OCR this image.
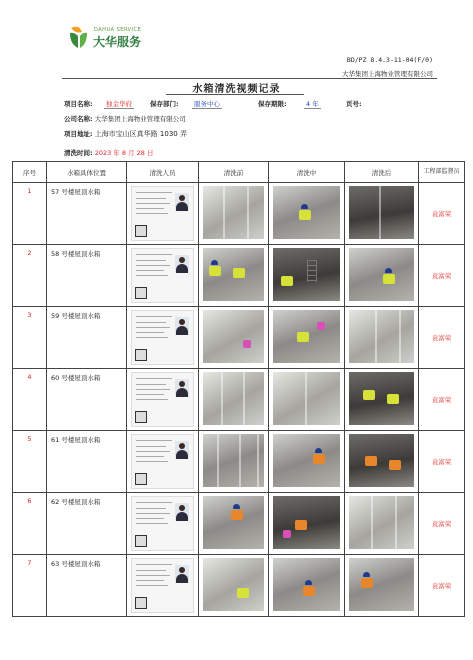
DAHUA SERVICE
大华服务
BD/PZ 8.4.3-11-04(F/0)
大华集团上海物业管理有限公司
水箱清洗视频记录
项目名称:	独金华府	保存部门:	服务中心	保存期限:	4 年	页号:
公司名称: 大华集团上海物业管理有限公司
项目地址: 上海市宝山区真华路 1030 弄
清洗时间: 2023 年 8 月 28 日
序号	水箱具体位置	清洗人员	清洗前	清洗中	清洗后	工程部监督员
1	57 号楼屋顶水箱					袁富荣
2	58 号楼屋顶水箱					袁富荣
3	59 号楼屋顶水箱					袁富荣
4	60 号楼屋顶水箱					袁富荣
5	61 号楼屋顶水箱					袁富荣
6	62 号楼屋顶水箱					袁富荣
7	63 号楼屋顶水箱					袁富荣
